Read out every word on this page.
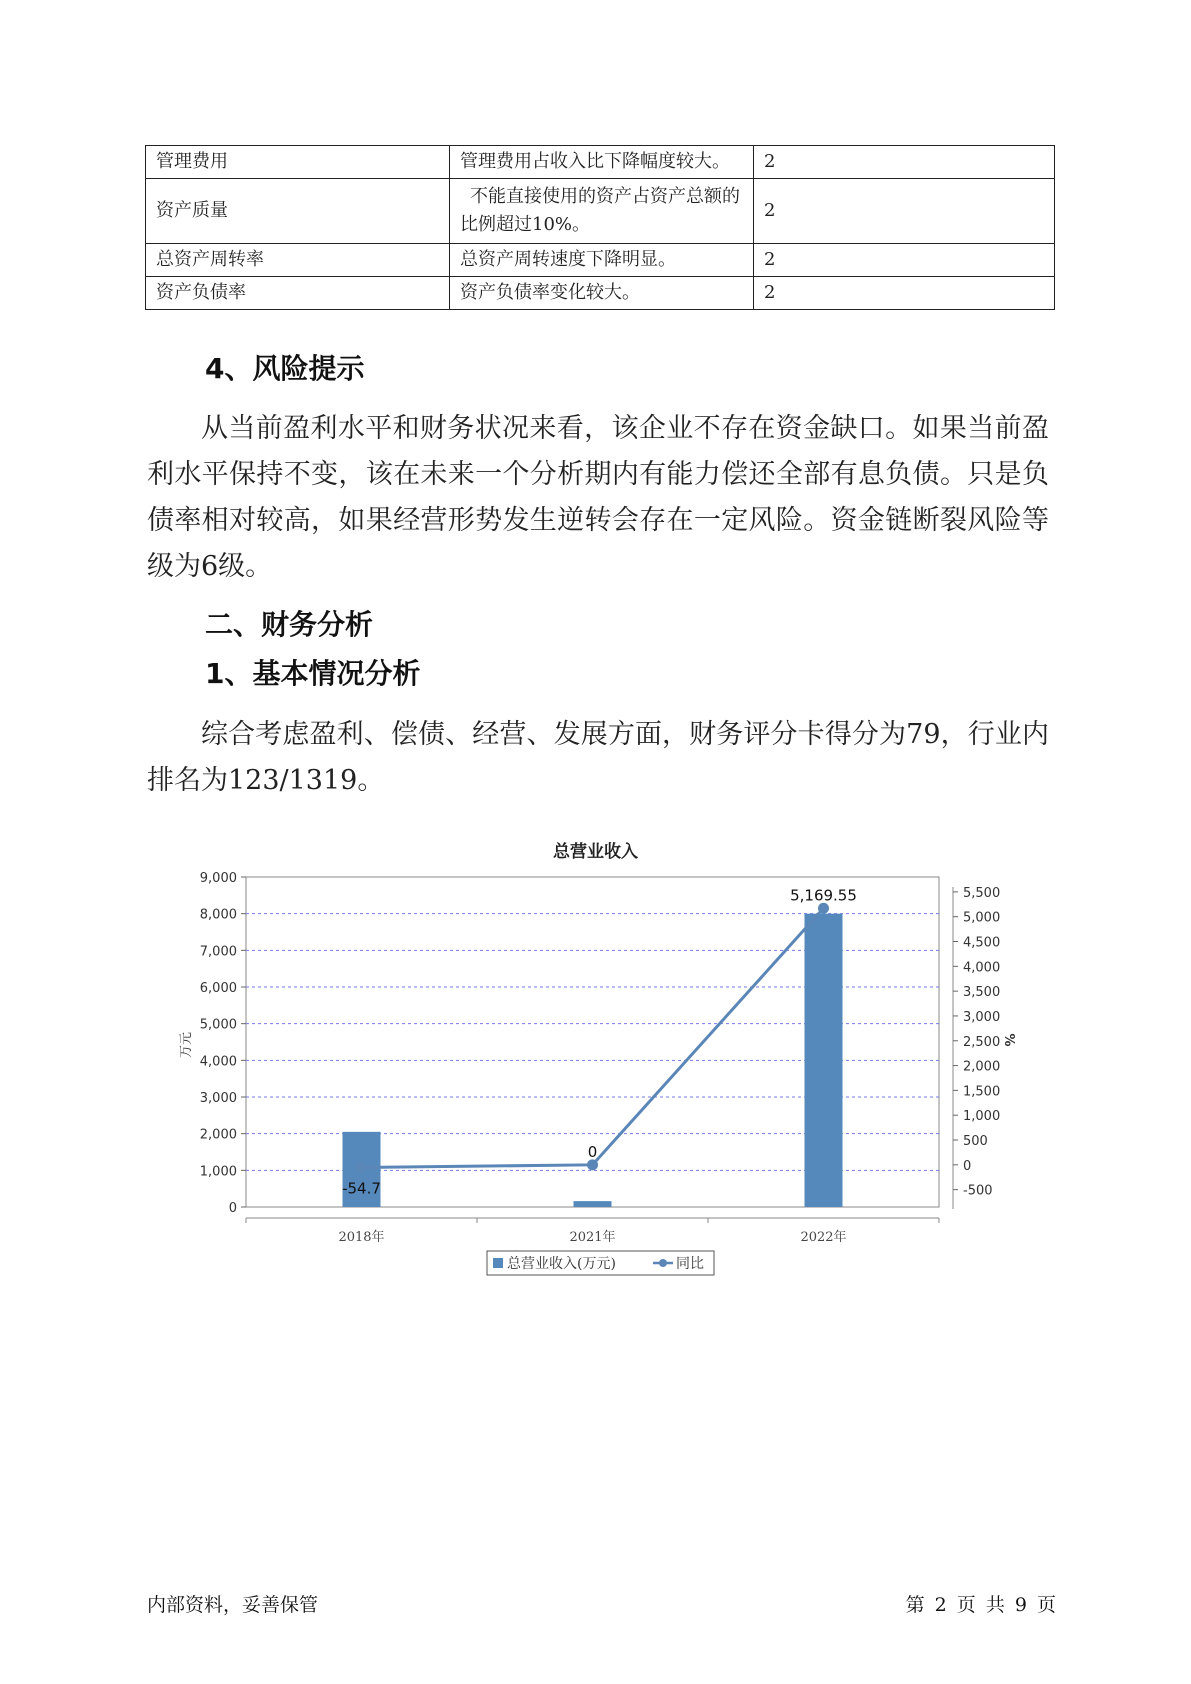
管理费用	管理费用占收入比下降幅度较大。	2
资产质量	不能直接使用的资产占资产总额的比例超过10%。	2
总资产周转率	总资产周转速度下降明显。	2
资产负债率	资产负债率变化较大。	2
4、风险提示

从当前盈利水平和财务状况来看，该企业不存在资金缺口。如果当前盈利水平保持不变，该在未来一个分析期内有能力偿还全部有息负债。只是负债率相对较高，如果经营形势发生逆转会存在一定风险。资金链断裂风险等级为6级。

二、财务分析
1、基本情况分析

综合考虑盈利、偿债、经营、发展方面，财务评分卡得分为79，行业内排名为123/1319。

总营业收入
0
1,000
2,000
3,000
4,000
5,000
6,000
7,000
8,000
9,000
-500
0
500
1,000
1,500
2,000
2,500
3,000
3,500
4,000
4,500
5,000
5,500
万元	%
2018年	2021年	2022年
-54.7
0
5,169.55
总营业收入(万元)	同比
内部资料，妥善保管	第 2 页 共 9 页
